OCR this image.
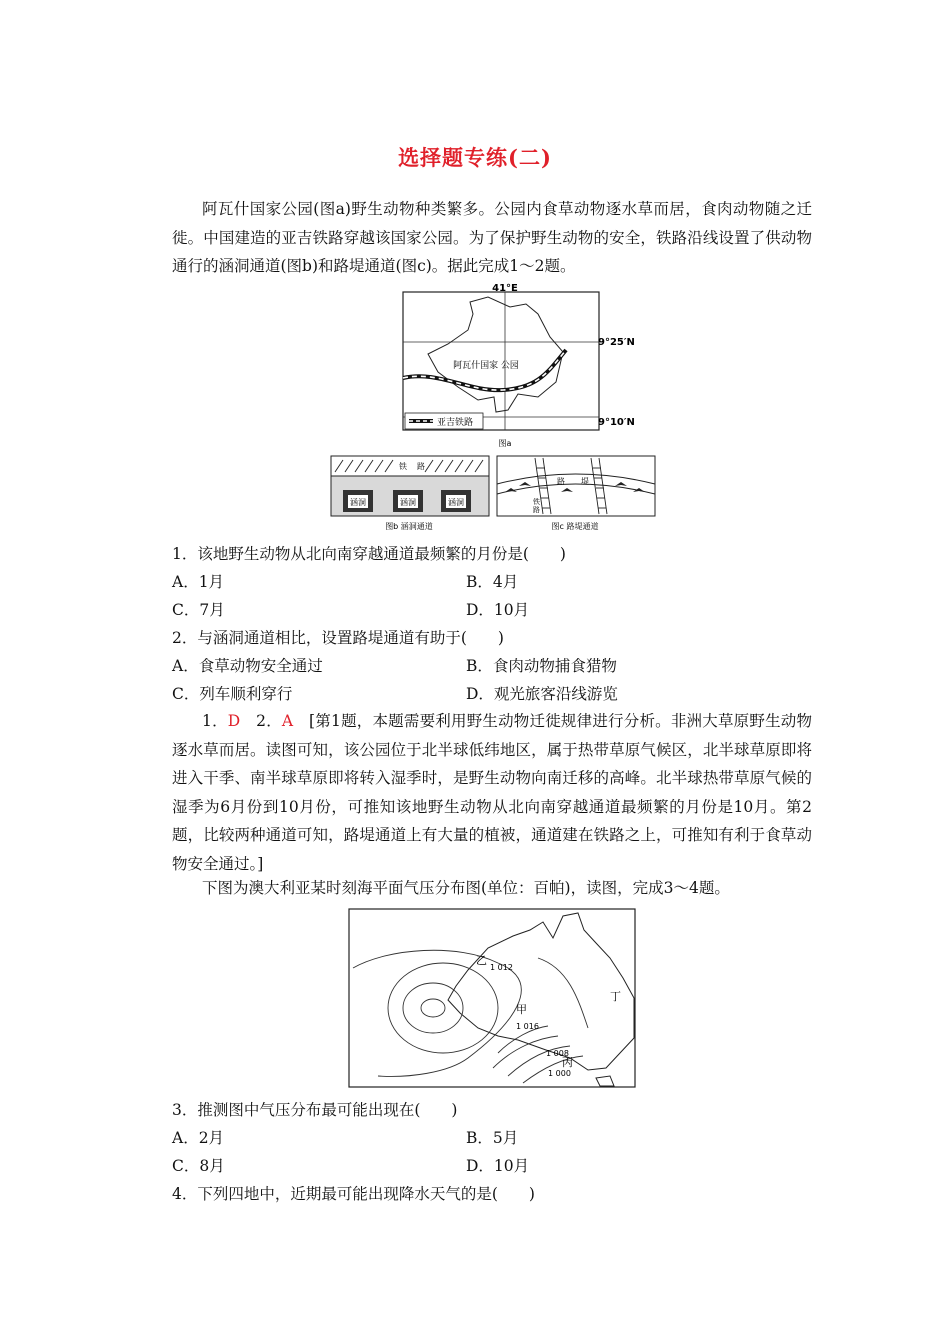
选择题专练(二)
阿瓦什国家公园(图a)野生动物种类繁多。公园内食草动物逐水草而居，食肉动物随之迁徙。中国建造的亚吉铁路穿越该国家公园。为了保护野生动物的安全，铁路沿线设置了供动物通行的涵洞通道(图b)和路堤通道(图c)。据此完成1～2题。
亚吉铁路
41°E
9°25′N
9°10′N
阿瓦什国家 公园
图a
铁 路
涵洞	涵洞	涵洞
图b 涵洞通道
路 堤
铁
路
图c 路堤通道
1．该地野生动物从北向南穿越通道最频繁的月份是(　　)
A．1月	B．4月
C．7月	D．10月
2．与涵洞通道相比，设置路堤通道有助于(　　)
A．食草动物安全通过	B．食肉动物捕食猎物
C．列车顺利穿行	D．观光旅客沿线游览
1．D　 2．A　 [第1题，本题需要利用野生动物迁徙规律进行分析。非洲大草原野生动物逐水草而居。读图可知，该公园位于北半球低纬地区，属于热带草原气候区，北半球草原即将进入干季、南半球草原即将转入湿季时，是野生动物向南迁移的高峰。北半球热带草原气候的湿季为6月份到10月份，可推知该地野生动物从北向南穿越通道最频繁的月份是10月。第2题，比较两种通道可知，路堤通道上有大量的植被，通道建在铁路之上，可推知有利于食草动物安全通过。]
下图为澳大利亚某时刻海平面气压分布图(单位：百帕)，读图，完成3～4题。
乙
1 012
甲
1 016
1 008
丙
1 000
丁
3．推测图中气压分布最可能出现在(　　)
A．2月	B．5月
C．8月	D．10月
4．下列四地中，近期最可能出现降水天气的是(　　)
